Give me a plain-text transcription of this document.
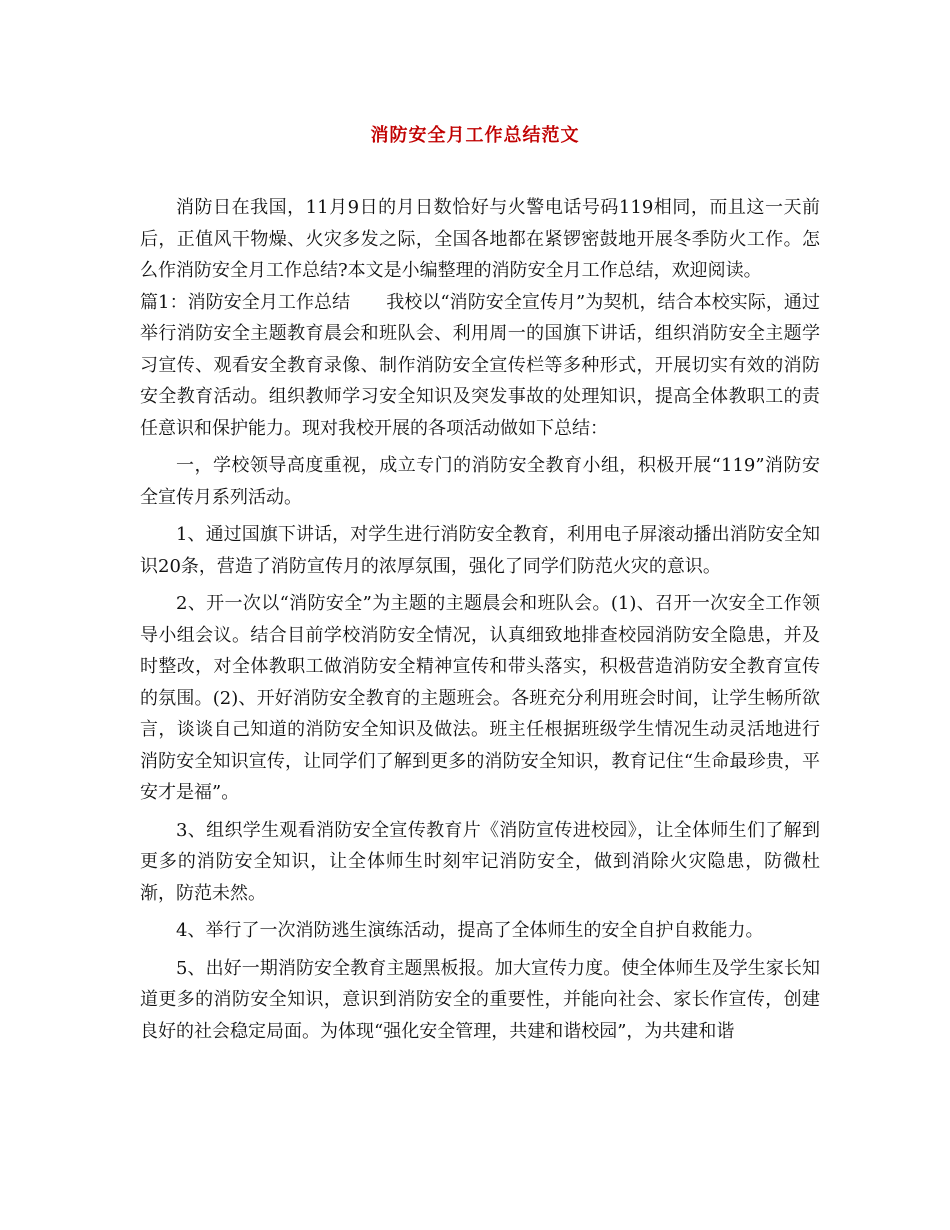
消防安全月工作总结范文

消防日在我国，11月9日的月日数恰好与火警电话号码119相同，而且这一天前后，正值风干物燥、火灾多发之际，全国各地都在紧锣密鼓地开展冬季防火工作。怎么作消防安全月工作总结?本文是小编整理的消防安全月工作总结，欢迎阅读。

篇1：消防安全月工作总结　　我校以“消防安全宣传月”为契机，结合本校实际，通过举行消防安全主题教育晨会和班队会、利用周一的国旗下讲话，组织消防安全主题学习宣传、观看安全教育录像、制作消防安全宣传栏等多种形式，开展切实有效的消防安全教育活动。组织教师学习安全知识及突发事故的处理知识，提高全体教职工的责任意识和保护能力。现对我校开展的各项活动做如下总结：

一，学校领导高度重视，成立专门的消防安全教育小组，积极开展“119”消防安全宣传月系列活动。

1、通过国旗下讲话，对学生进行消防安全教育，利用电子屏滚动播出消防安全知识20条，营造了消防宣传月的浓厚氛围，强化了同学们防范火灾的意识。

2、开一次以“消防安全”为主题的主题晨会和班队会。(1)、召开一次安全工作领导小组会议。结合目前学校消防安全情况，认真细致地排查校园消防安全隐患，并及时整改，对全体教职工做消防安全精神宣传和带头落实，积极营造消防安全教育宣传的氛围。(2)、开好消防安全教育的主题班会。各班充分利用班会时间，让学生畅所欲言，谈谈自己知道的消防安全知识及做法。班主任根据班级学生情况生动灵活地进行消防安全知识宣传，让同学们了解到更多的消防安全知识，教育记住“生命最珍贵，平安才是福”。

3、组织学生观看消防安全宣传教育片《消防宣传进校园》，让全体师生们了解到更多的消防安全知识，让全体师生时刻牢记消防安全，做到消除火灾隐患，防微杜渐，防范未然。

4、举行了一次消防逃生演练活动，提高了全体师生的安全自护自救能力。

5、出好一期消防安全教育主题黑板报。加大宣传力度。使全体师生及学生家长知道更多的消防安全知识，意识到消防安全的重要性，并能向社会、家长作宣传，创建良好的社会稳定局面。为体现“强化安全管理，共建和谐校园”，为共建和谐
